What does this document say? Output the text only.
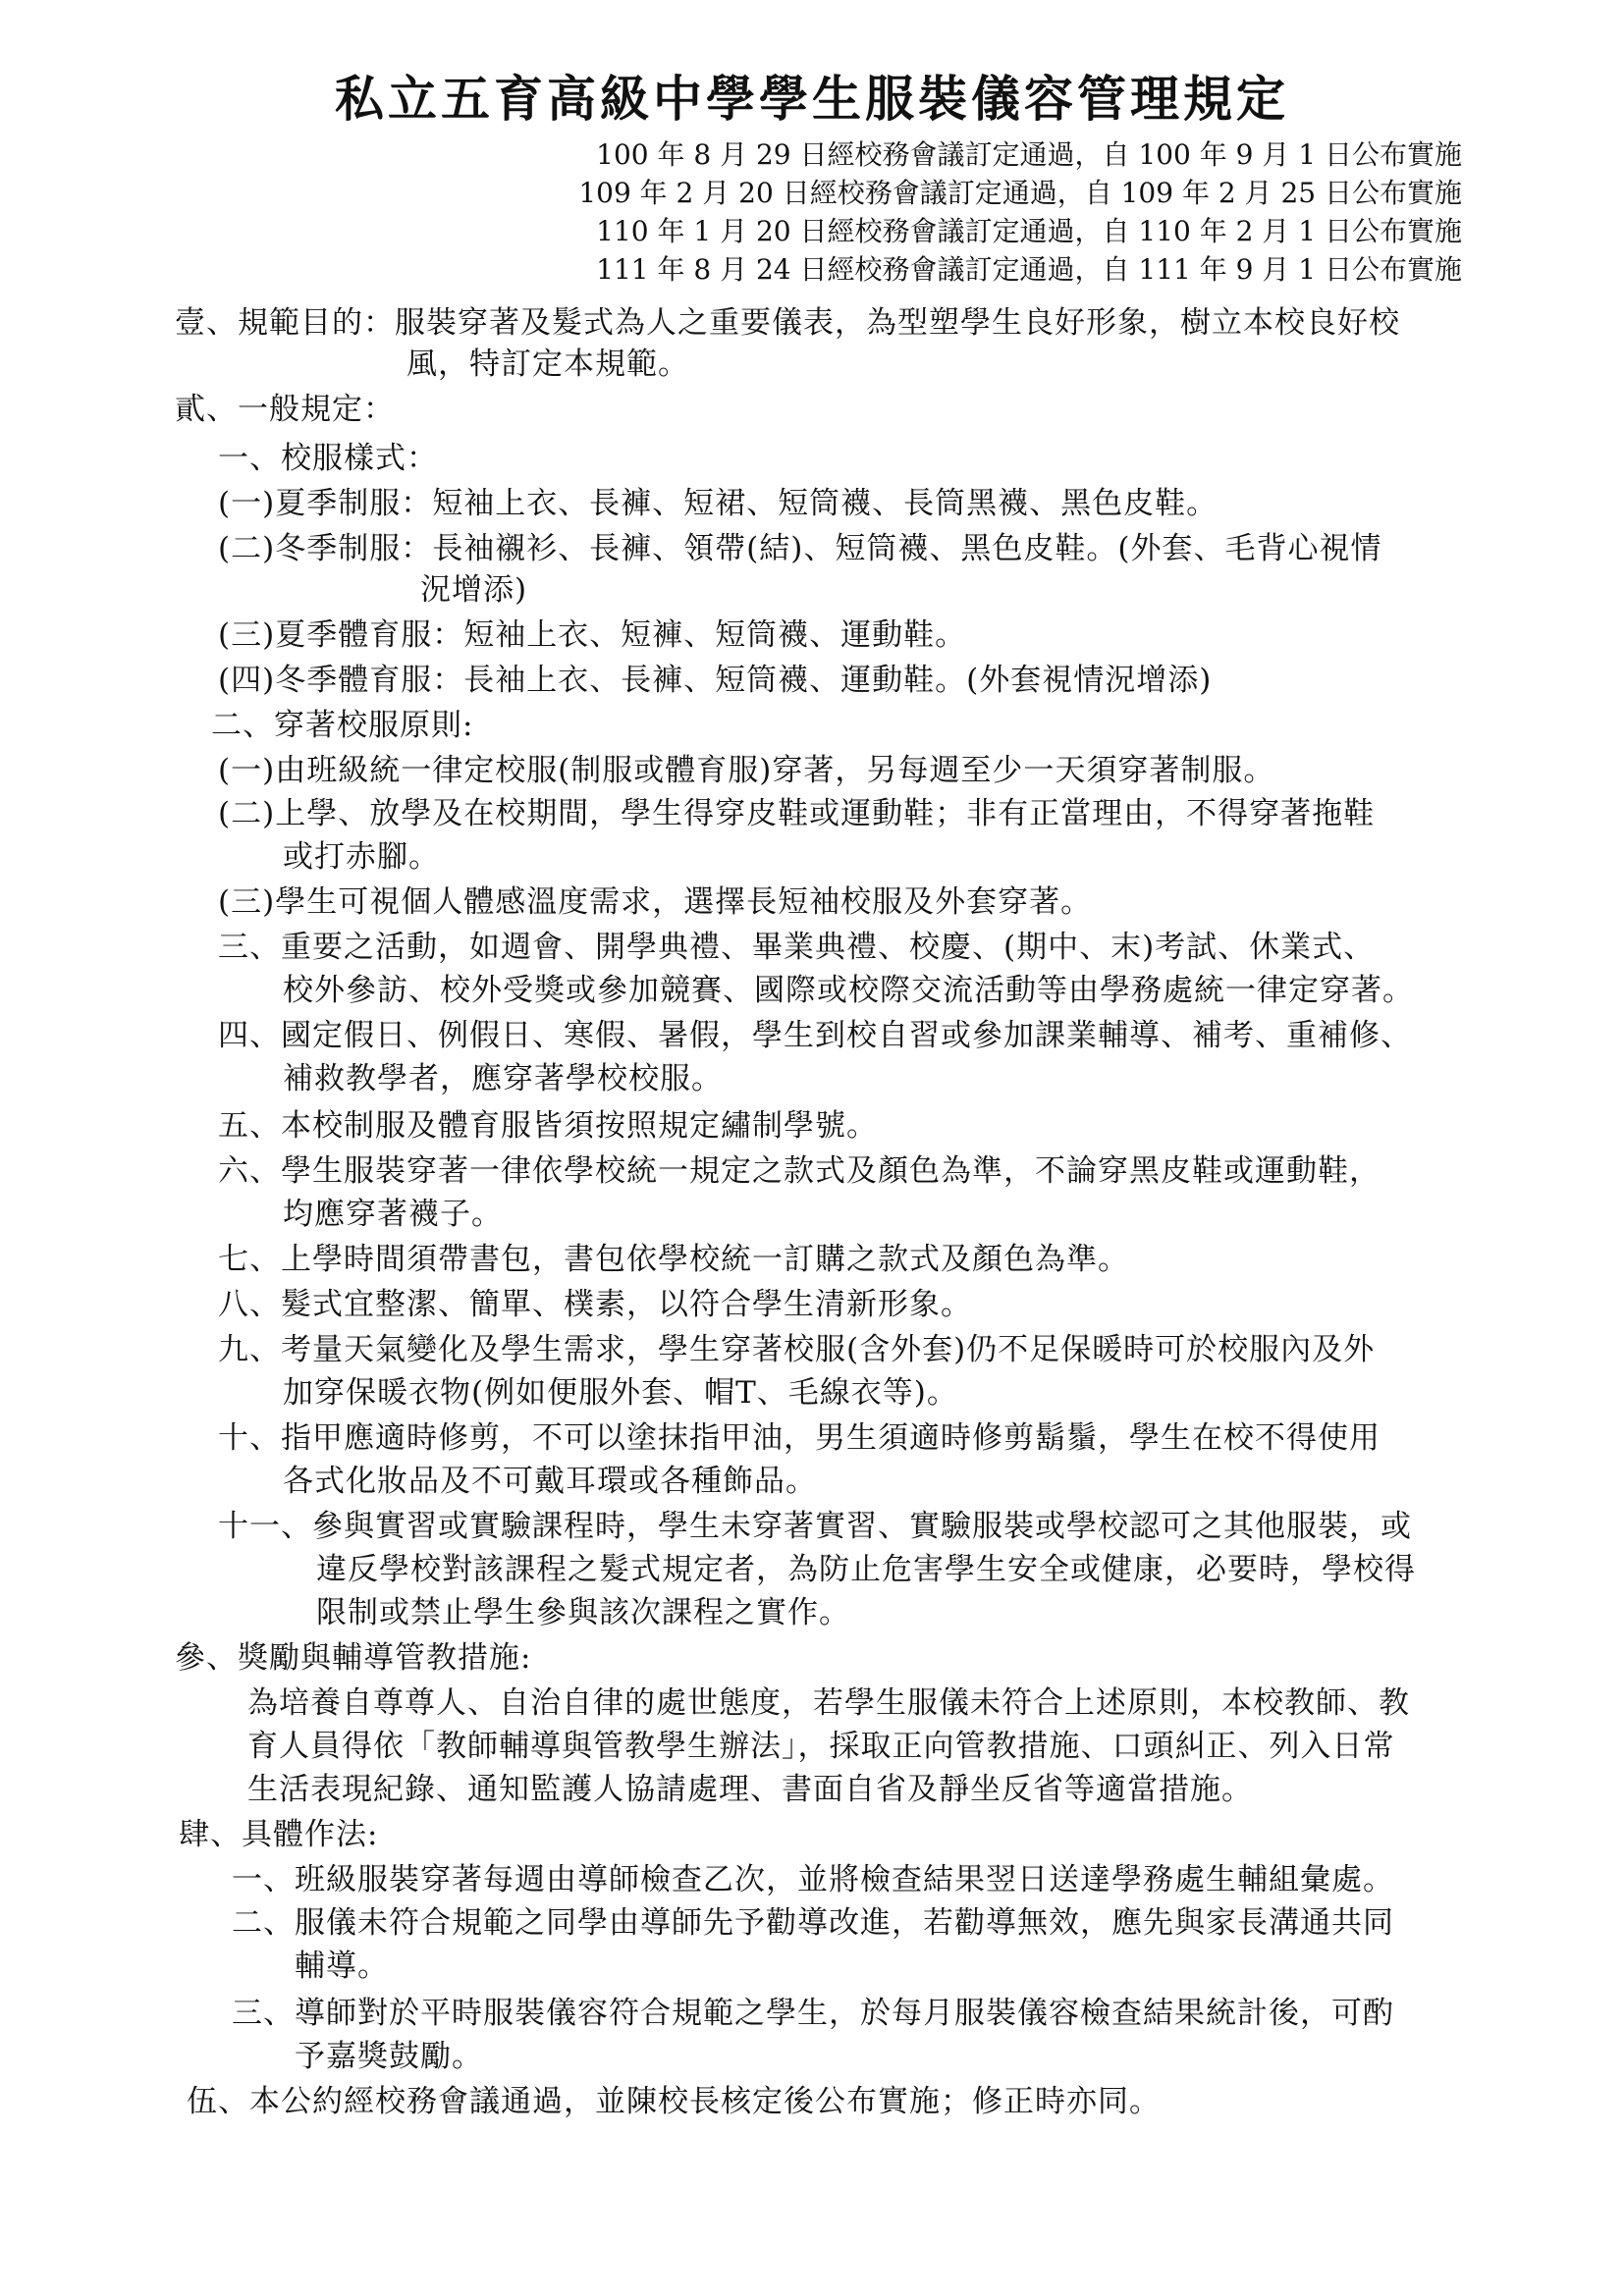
私立五育高級中學學生服裝儀容管理規定
100 年 8 月 29 日經校務會議訂定通過，自 100 年 9 月 1 日公布實施
109 年 2 月 20 日經校務會議訂定通過，自 109 年 2 月 25 日公布實施
110 年 1 月 20 日經校務會議訂定通過，自 110 年 2 月 1 日公布實施
111 年 8 月 24 日經校務會議訂定通過，自 111 年 9 月 1 日公布實施
壹、規範目的：服裝穿著及髮式為人之重要儀表，為型塑學生良好形象，樹立本校良好校
風，特訂定本規範。
貳、一般規定：
一、校服樣式：
(一)夏季制服：短袖上衣、長褲、短裙、短筒襪、長筒黑襪、黑色皮鞋。
(二)冬季制服：長袖襯衫、長褲、領帶(結)、短筒襪、黑色皮鞋。(外套、毛背心視情
況增添)
(三)夏季體育服：短袖上衣、短褲、短筒襪、運動鞋。
(四)冬季體育服：長袖上衣、長褲、短筒襪、運動鞋。(外套視情況增添)
二、穿著校服原則:
(一)由班級統一律定校服(制服或體育服)穿著，另每週至少一天須穿著制服。
(二)上學、放學及在校期間，學生得穿皮鞋或運動鞋；非有正當理由，不得穿著拖鞋
或打赤腳。
(三)學生可視個人體感溫度需求，選擇長短袖校服及外套穿著。
三、重要之活動，如週會、開學典禮、畢業典禮、校慶、(期中、末)考試、休業式、
校外參訪、校外受獎或參加競賽、國際或校際交流活動等由學務處統一律定穿著。
四、國定假日、例假日、寒假、暑假，學生到校自習或參加課業輔導、補考、重補修、
補救教學者，應穿著學校校服。
五、本校制服及體育服皆須按照規定繡制學號。
六、學生服裝穿著一律依學校統一規定之款式及顏色為準，不論穿黑皮鞋或運動鞋，
均應穿著襪子。
七、上學時間須帶書包，書包依學校統一訂購之款式及顏色為準。
八、髮式宜整潔、簡單、樸素，以符合學生清新形象。
九、考量天氣變化及學生需求，學生穿著校服(含外套)仍不足保暖時可於校服內及外
加穿保暖衣物(例如便服外套、帽T、毛線衣等)。
十、指甲應適時修剪，不可以塗抹指甲油，男生須適時修剪鬍鬚，學生在校不得使用
各式化妝品及不可戴耳環或各種飾品。
十一、參與實習或實驗課程時，學生未穿著實習、實驗服裝或學校認可之其他服裝，或
違反學校對該課程之髮式規定者，為防止危害學生安全或健康，必要時，學校得
限制或禁止學生參與該次課程之實作。
參、獎勵與輔導管教措施:
為培養自尊尊人、自治自律的處世態度，若學生服儀未符合上述原則，本校教師、教
育人員得依「教師輔導與管教學生辦法」，採取正向管教措施、口頭糾正、列入日常
生活表現紀錄、通知監護人協請處理、書面自省及靜坐反省等適當措施。
肆、具體作法:
一、班級服裝穿著每週由導師檢查乙次，並將檢查結果翌日送達學務處生輔組彙處。
二、服儀未符合規範之同學由導師先予勸導改進，若勸導無效，應先與家長溝通共同
輔導。
三、導師對於平時服裝儀容符合規範之學生，於每月服裝儀容檢查結果統計後，可酌
予嘉獎鼓勵。
伍、本公約經校務會議通過，並陳校長核定後公布實施；修正時亦同。
